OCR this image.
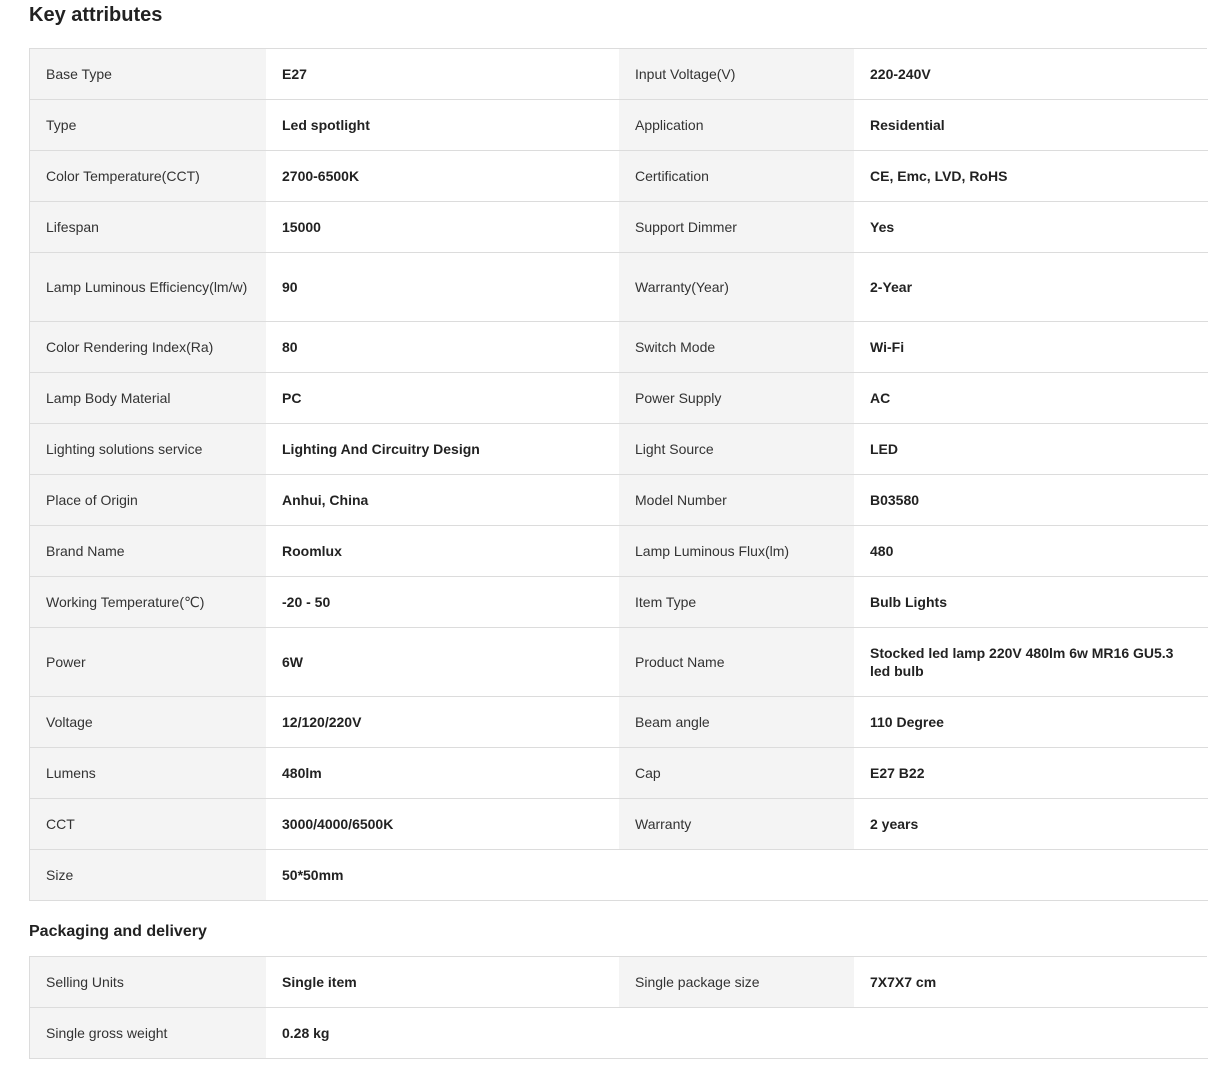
Key attributes
Base Type	E27	Input Voltage(V)	220-240V
Type	Led spotlight	Application	Residential
Color Temperature(CCT)	2700-6500K	Certification	CE, Emc, LVD, RoHS
Lifespan	15000	Support Dimmer	Yes
Lamp Luminous Efficiency(lm/w)	90	Warranty(Year)	2-Year
Color Rendering Index(Ra)	80	Switch Mode	Wi-Fi
Lamp Body Material	PC	Power Supply	AC
Lighting solutions service	Lighting And Circuitry Design	Light Source	LED
Place of Origin	Anhui, China	Model Number	B03580
Brand Name	Roomlux	Lamp Luminous Flux(lm)	480
Working Temperature(℃)	-20 - 50	Item Type	Bulb Lights
Power	6W	Product Name
Stocked led lamp 220V 480lm 6w MR16 GU5.3 led bulb
Voltage	12/120/220V	Beam angle	110 Degree
Lumens	480lm	Cap	E27 B22
CCT	3000/4000/6500K	Warranty	2 years
Size	50*50mm
Packaging and delivery
Selling Units	Single item	Single package size	7X7X7 cm
Single gross weight	0.28 kg
